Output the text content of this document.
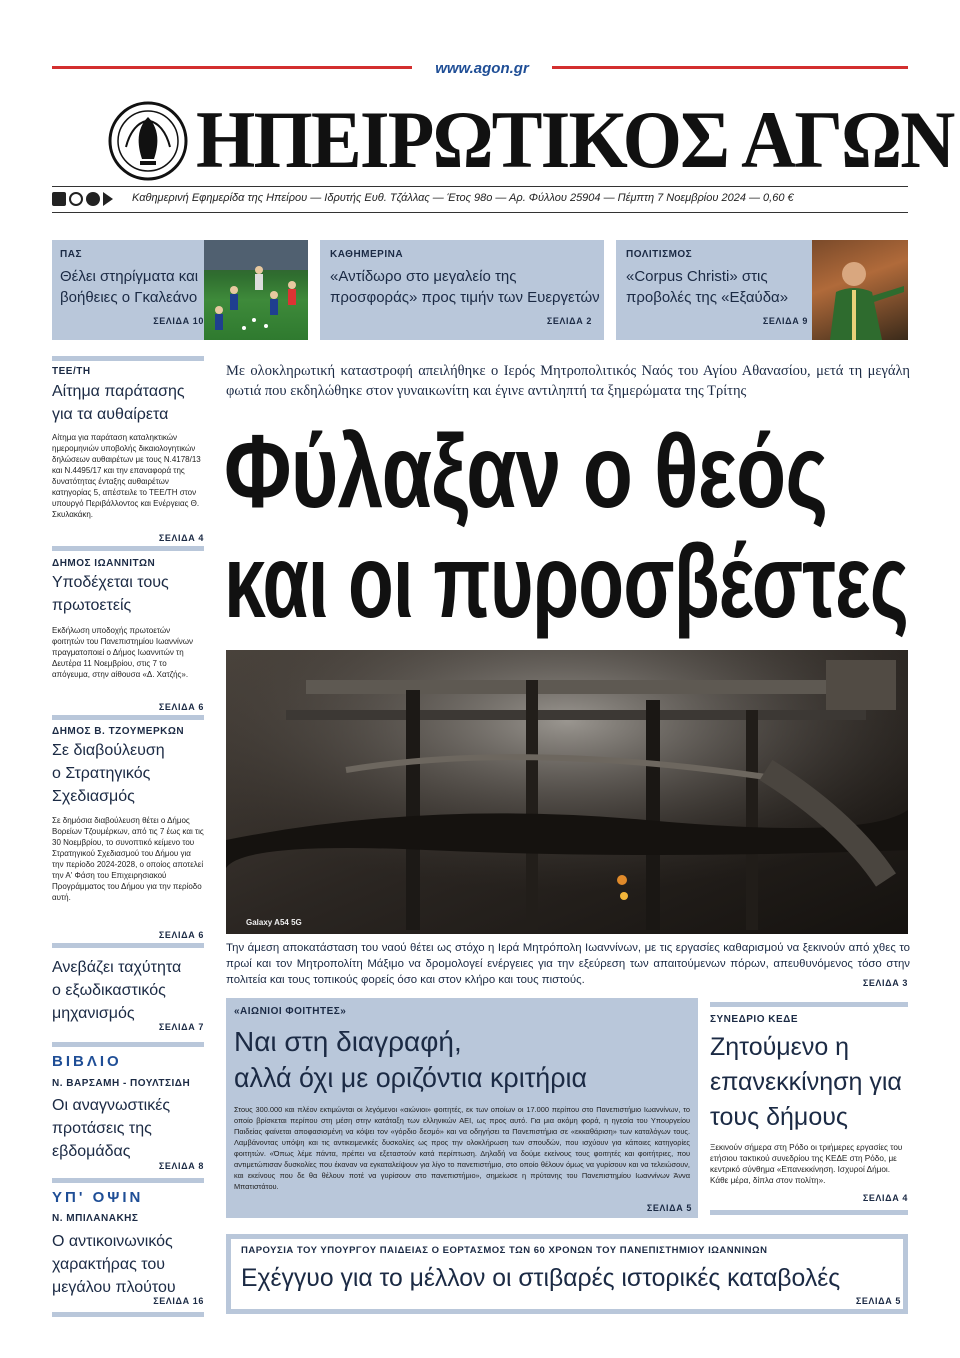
www.agon.gr
ΗΠΕΙΡΩΤΙΚΟΣ ΑΓΩΝ
Καθημερινή Εφημερίδα της Ηπείρου — Ιδρυτής Ευθ. Τζάλλας — Έτος 98ο — Αρ. Φύλλου 25904 — Πέμπτη 7 Νοεμβρίου 2024 — 0,60 €
ΠΑΣ
Θέλει στηρίγματα και βοήθειες ο Γκαλεάνο
ΣΕΛΙΔΑ 10
ΚΑΘΗΜΕΡΙΝΑ
«Αντίδωρο στο μεγαλείο της προσφοράς» προς τιμήν των Ευεργετών
ΣΕΛΙΔΑ 2
ΠΟΛΙΤΙΣΜΟΣ
«Corpus Christi» στις προβολές της «Εξαύδα»
ΣΕΛΙΔΑ 9
ΤΕΕ/ΤΗ
Αίτημα παράτασης για τα αυθαίρετα
Αίτημα για παράταση καταληκτικών ημερομηνιών υποβολής δικαιολογητικών δηλώσεων αυθαιρέτων με τους Ν.4178/13 και Ν.4495/17 και την επαναφορά της δυνατότητας ένταξης αυθαιρέτων κατηγορίας 5, απέστειλε το ΤΕΕ/ΤΗ στον υπουργό Περιβάλλοντος και Ενέργειας Θ. Σκυλακάκη.
ΣΕΛΙΔΑ 4
ΔΗΜΟΣ ΙΩΑΝΝΙΤΩΝ
Υποδέχεται τους πρωτοετείς
Εκδήλωση υποδοχής πρωτοετών φοιτητών του Πανεπιστημίου Ιωαννίνων πραγματοποιεί ο Δήμος Ιωαννιτών τη Δευτέρα 11 Νοεμβρίου, στις 7 το απόγευμα, στην αίθουσα «Δ. Χατζής».
ΣΕΛΙΔΑ 6
ΔΗΜΟΣ Β. ΤΖΟΥΜΕΡΚΩΝ
Σε διαβούλευση ο Στρατηγικός Σχεδιασμός
Σε δημόσια διαβούλευση θέτει ο Δήμος Βορείων Τζουμέρκων, από τις 7 έως και τις 30 Νοεμβρίου, το συνοπτικό κείμενο του Στρατηγικού Σχεδιασμού του Δήμου για την περίοδο 2024-2028, ο οποίος αποτελεί την Α' Φάση του Επιχειρησιακού Προγράμματος του Δήμου για την περίοδο αυτή.
ΣΕΛΙΔΑ 6
Ανεβάζει ταχύτητα ο εξωδικαστικός μηχανισμός
ΣΕΛΙΔΑ 7
ΒΙΒΛΙΟ
Ν. ΒΑΡΣΑΜΗ - ΠΟΥΛΤΣΙΔΗ
Οι αναγνωστικές προτάσεις της εβδομάδας
ΣΕΛΙΔΑ 8
ΥΠ' ΟΨΙΝ
Ν. ΜΠΙΛΑΝΑΚΗΣ
Ο αντικοινωνικός χαρακτήρας του μεγάλου πλούτου
ΣΕΛΙΔΑ 16
Με ολοκληρωτική καταστροφή απειλήθηκε ο Ιερός Μητροπολιτικός Ναός του Αγίου Αθανασίου, μετά τη μεγάλη φωτιά που εκδηλώθηκε στον γυναικωνίτη και έγινε αντιληπτή τα ξημερώματα της Τρίτης
Φύλαξαν ο θεός
και οι πυροσβέστες
Galaxy A54 5G
Την άμεση αποκατάσταση του ναού θέτει ως στόχο η Ιερά Μητρόπολη Ιωαννίνων, με τις εργασίες καθαρισμού να ξεκινούν από χθες το πρωί και τον Μητροπολίτη Μάξιμο να δρομολογεί ενέργειες για την εξεύρεση των απαιτούμενων πόρων, απευθυνόμενος τόσο στην πολιτεία και τους τοπικούς φορείς όσο και στον κλήρο και τους πιστούς.	ΣΕΛΙΔΑ 3
«ΑΙΩΝΙΟΙ ΦΟΙΤΗΤΕΣ»
Ναι στη διαγραφή,
αλλά όχι με οριζόντια κριτήρια
Στους 300.000 και πλέον εκτιμώνται οι λεγόμενοι «αιώνιοι» φοιτητές, εκ των οποίων οι 17.000 περίπου στο Πανεπιστήμιο Ιωαννίνων, το οποίο βρίσκεται περίπου στη μέση στην κατάταξη των ελληνικών ΑΕΙ, ως προς αυτό. Για μια ακόμη φορά, η ηγεσία του Υπουργείου Παιδείας φαίνεται αποφασισμένη να κόψει τον «γόρδιο δεσμό» και να οδηγήσει τα Πανεπιστήμια σε «εκκαθάριση» των καταλόγων τους. Λαμβάνοντας υπόψη και τις αντικειμενικές δυσκολίες ως προς την ολοκλήρωση των σπουδών, που ισχύουν για κάποιες κατηγορίες φοιτητών. «Όπως λέμε πάντα, πρέπει να εξεταστούν κατά περίπτωση. Δηλαδή να δούμε εκείνους τους φοιτητές και φοιτήτριες, που αντιμετώπισαν δυσκολίες που έκαναν να εγκαταλείψουν για λίγο το πανεπιστήμιο, στο οποίο θέλουν όμως να γυρίσουν και να τελειώσουν, και εκείνους που δε θα θέλουν ποτέ να γυρίσουν στο πανεπιστήμιο», σημείωσε η πρύτανης του Πανεπιστημίου Ιωαννίνων Άννα Μπατιστάτου.
ΣΕΛΙΔΑ 5
ΣΥΝΕΔΡΙΟ ΚΕΔΕ
Ζητούμενο η επανεκκίνηση για τους δήμους
Ξεκινούν σήμερα στη Ρόδο οι τριήμερες εργασίες του ετήσιου τακτικού συνεδρίου της ΚΕΔΕ στη Ρόδο, με κεντρικό σύνθημα «Επανεκκίνηση. Ισχυροί Δήμοι. Κάθε μέρα, δίπλα στον πολίτη».
ΣΕΛΙΔΑ 4
ΠΑΡΟΥΣΙΑ ΤΟΥ ΥΠΟΥΡΓΟΥ ΠΑΙΔΕΙΑΣ Ο ΕΟΡΤΑΣΜΟΣ ΤΩΝ 60 ΧΡΟΝΩΝ ΤΟΥ ΠΑΝΕΠΙΣΤΗΜΙΟΥ ΙΩΑΝΝΙΝΩΝ
Εχέγγυο για το μέλλον οι στιβαρές ιστορικές καταβολές
ΣΕΛΙΔΑ 5
